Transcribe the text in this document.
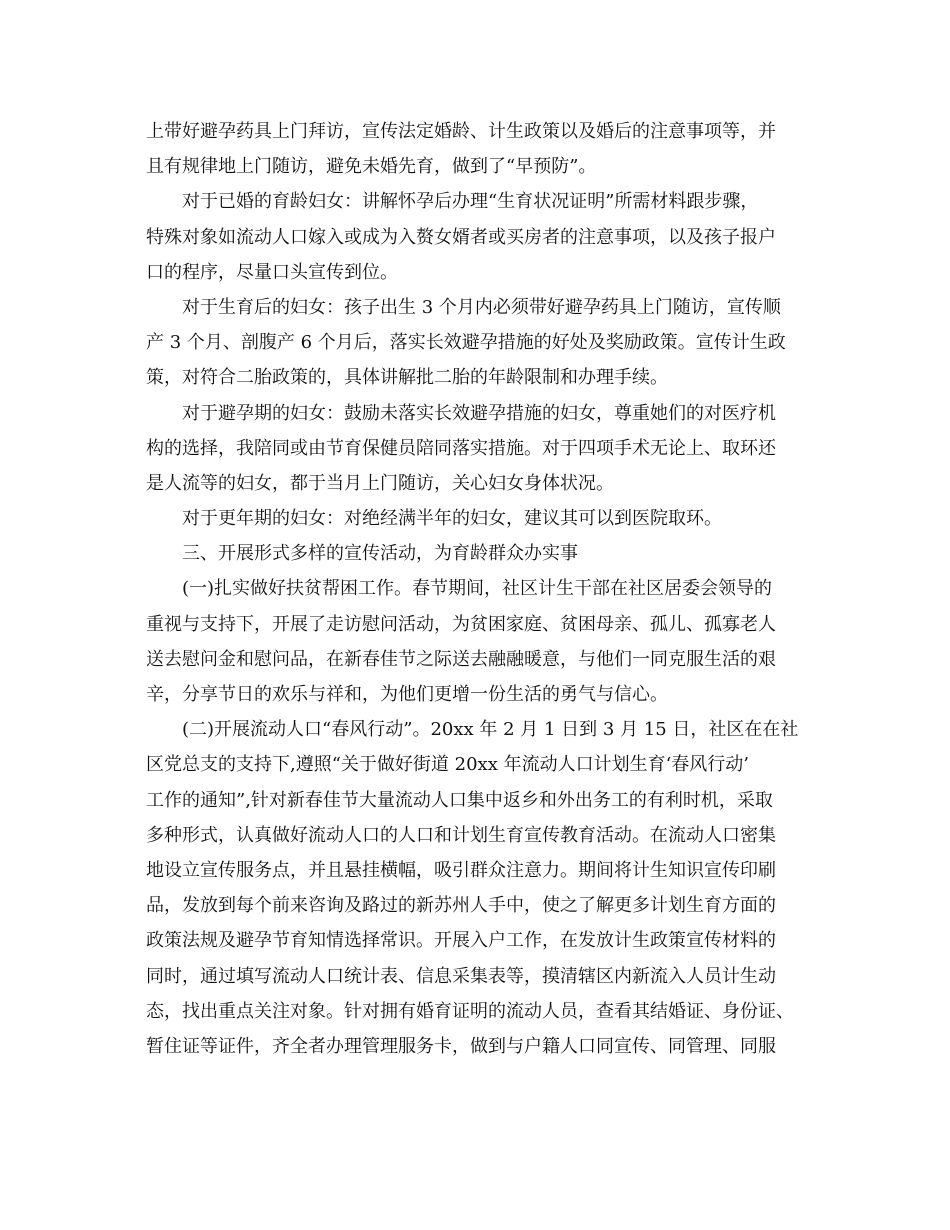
上带好避孕药具上门拜访，宣传法定婚龄、计生政策以及婚后的注意事项等，并
且有规律地上门随访，避免未婚先育，做到了“早预防”。
对于已婚的育龄妇女：讲解怀孕后办理“生育状况证明”所需材料跟步骤，
特殊对象如流动人口嫁入或成为入赘女婿者或买房者的注意事项，以及孩子报户
口的程序，尽量口头宣传到位。
对于生育后的妇女：孩子出生 3 个月内必须带好避孕药具上门随访，宣传顺
产 3 个月、剖腹产 6 个月后，落实长效避孕措施的好处及奖励政策。宣传计生政
策，对符合二胎政策的，具体讲解批二胎的年龄限制和办理手续。
对于避孕期的妇女：鼓励未落实长效避孕措施的妇女，尊重她们的对医疗机
构的选择，我陪同或由节育保健员陪同落实措施。对于四项手术无论上、取环还
是人流等的妇女，都于当月上门随访，关心妇女身体状况。
对于更年期的妇女：对绝经满半年的妇女，建议其可以到医院取环。
三、开展形式多样的宣传活动，为育龄群众办实事
(一)扎实做好扶贫帮困工作。春节期间，社区计生干部在社区居委会领导的
重视与支持下，开展了走访慰问活动，为贫困家庭、贫困母亲、孤儿、孤寡老人
送去慰问金和慰问品，在新春佳节之际送去融融暖意，与他们一同克服生活的艰
辛，分享节日的欢乐与祥和，为他们更增一份生活的勇气与信心。
(二)开展流动人口“春风行动”。20xx 年 2 月 1 日到 3 月 15 日，社区在在社
区党总支的支持下,遵照“关于做好街道 20xx 年流动人口计划生育‘春风行动’
工作的通知”,针对新春佳节大量流动人口集中返乡和外出务工的有利时机，采取
多种形式，认真做好流动人口的人口和计划生育宣传教育活动。在流动人口密集
地设立宣传服务点，并且悬挂横幅，吸引群众注意力。期间将计生知识宣传印刷
品，发放到每个前来咨询及路过的新苏州人手中，使之了解更多计划生育方面的
政策法规及避孕节育知情选择常识。开展入户工作，在发放计生政策宣传材料的
同时，通过填写流动人口统计表、信息采集表等，摸清辖区内新流入人员计生动
态，找出重点关注对象。针对拥有婚育证明的流动人员，查看其结婚证、身份证、
暂住证等证件，齐全者办理管理服务卡，做到与户籍人口同宣传、同管理、同服
